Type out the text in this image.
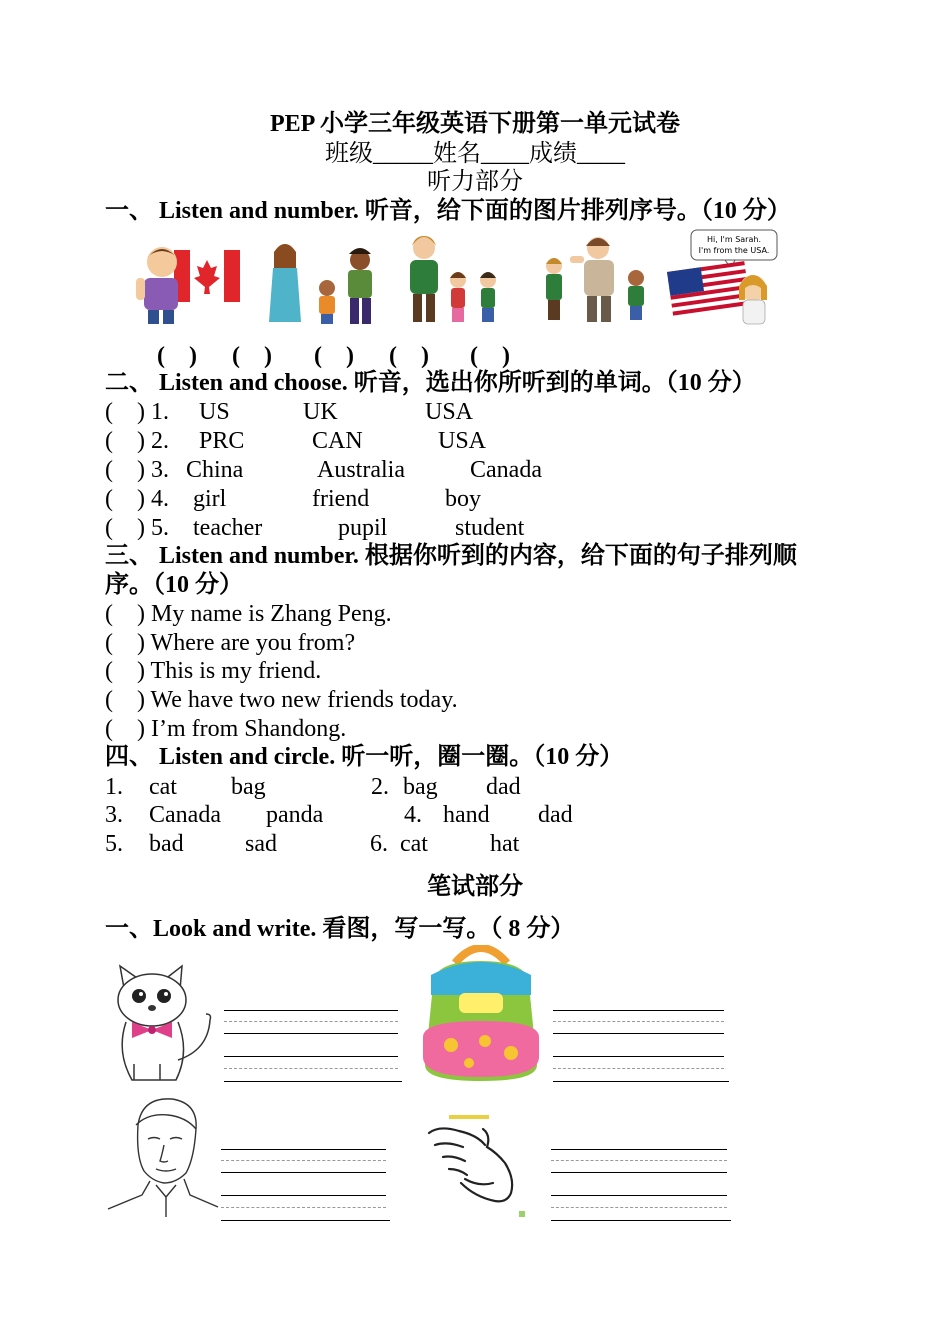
PEP 小学三年级英语下册第一单元试卷
班级_____姓名____成绩____
听力部分
一、 Listen and number. 听音，给下面的图片排列序号。（10 分）
Hi, I'm Sarah.
I'm from the USA.
(    ) (    ) (    ) (    ) (    )
二、 Listen and choose. 听音，选出你所听到的单词。（10 分）
(    ) 1. US	UK	USA
(    ) 2. PRC	CAN	USA
(    ) 3. China	Australia	Canada
(    ) 4. girl	friend	boy
(    ) 5. teacher	pupil	student
三、 Listen and number. 根据你听到的内容，给下面的句子排列顺
序。（10 分）
(    ) My name is Zhang Peng.
(    ) Where are you from?
(    ) This is my friend.
(    ) We have two new friends today.
(    ) I’m from Shandong.
四、 Listen and circle. 听一听，圈一圈。（10 分）
1. cat bag	2. bag dad
3. Canada panda	4. hand dad
5. bad	sad	6. cat	hat
笔试部分
一、Look and write. 看图，写一写。（ 8 分）
